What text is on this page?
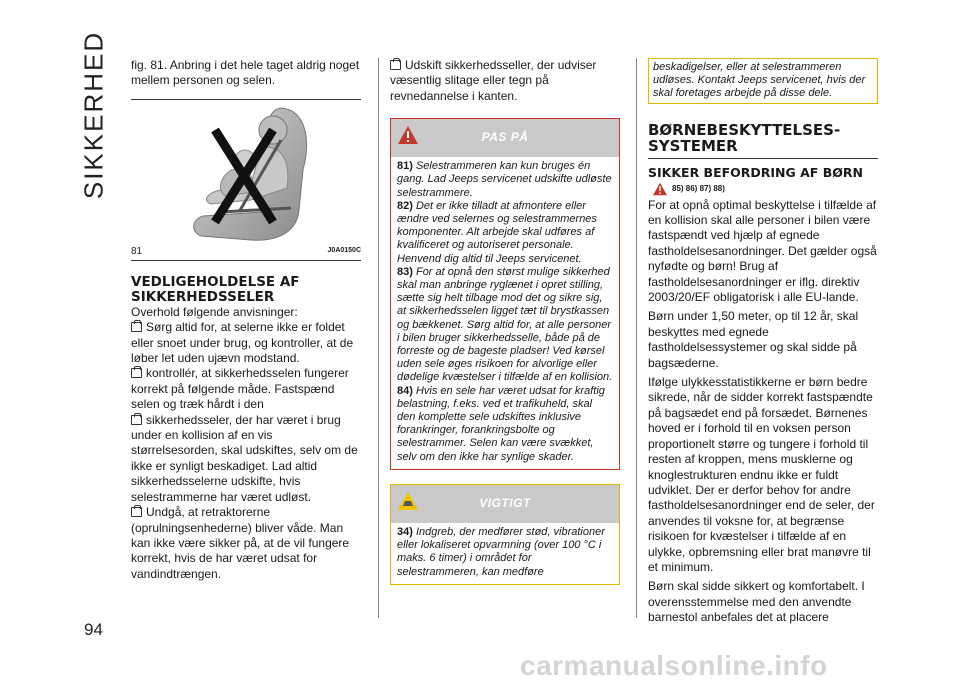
SIKKERHED
94

fig. 81. Anbring i det hele taget aldrig noget mellem personen og selen.

81	J0A0150C

VEDLIGEHOLDELSE AF SIKKERHEDSSELER

Overhold følgende anvisninger:

Sørg altid for, at selerne ikke er foldet eller snoet under brug, og kontroller, at de løber let uden ujævn modstand.

kontrollér, at sikkerhedsselen fungerer korrekt på følgende måde. Fastspænd selen og træk hårdt i den

sikkerhedsseler, der har været i brug under en kollision af en vis størrelsesorden, skal udskiftes, selv om de ikke er synligt beskadiget. Lad altid sikkerhedsselerne udskifte, hvis selestrammerne har været udløst.

Undgå, at retraktorerne (oprulningsenhederne) bliver våde. Man kan ikke være sikker på, at de vil fungere korrekt, hvis de har været udsat for vandindtrængen.

Udskift sikkerhedsseller, der udviser væsentlig slitage eller tegn på revnedannelse i kanten.

PAS PÅ

81) Selestrammeren kan kun bruges én gang. Lad Jeeps servicenet udskifte udløste selestrammere.

82) Det er ikke tilladt at afmontere eller ændre ved selernes og selestrammernes komponenter. Alt arbejde skal udføres af kvalificeret og autoriseret personale. Henvend dig altid til Jeeps servicenet.

83) For at opnå den størst mulige sikkerhed skal man anbringe ryglænet i opret stilling, sætte sig helt tilbage mod det og sikre sig, at sikkerhedsselen ligget tæt til brystkassen og bækkenet. Sørg altid for, at alle personer i bilen bruger sikkerhedsselle, både på de forreste og de bageste pladser! Ved kørsel uden sele øges risikoen for alvorlige eller dødelige kvæstelser i tilfælde af en kollision.

84) Hvis en sele har været udsat for kraftig belastning, f.eks. ved et trafikuheld, skal den komplette sele udskiftes inklusive forankringer, forankringsbolte og selestrammer. Selen kan være svækket, selv om den ikke har synlige skader.

VIGTIGT

34) Indgreb, der medfører stød, vibrationer eller lokaliseret opvarmning (over 100 °C i maks. 6 timer) i området for selestrammeren, kan medføre

beskadigelser, eller at selestrammeren udløses. Kontakt Jeeps servicenet, hvis der skal foretages arbejde på disse dele.

BØRNEBESKYTTELSES-SYSTEMER

SIKKER BEFORDRING AF BØRN

85) 86) 87) 88)

For at opnå optimal beskyttelse i tilfælde af en kollision skal alle personer i bilen være fastspændt ved hjælp af egnede fastholdelsesanordninger. Det gælder også nyfødte og børn! Brug af fastholdelsesanordninger er iflg. direktiv 2003/20/EF obligatorisk i alle EU-lande.

Børn under 1,50 meter, op til 12 år, skal beskyttes med egnede fastholdelsessystemer og skal sidde på bagsæderne.

Ifølge ulykkesstatistikkerne er børn bedre sikrede, når de sidder korrekt fastspændte på bagsædet end på forsædet. Børnenes hoved er i forhold til en voksen person proportionelt større og tungere i forhold til resten af kroppen, mens musklerne og knoglestrukturen endnu ikke er fuldt udviklet. Der er derfor behov for andre fastholdelsesanordninger end de seler, der anvendes til voksne for, at begrænse risikoen for kvæstelser i tilfælde af en ulykke, opbremsning eller brat manøvre til et minimum.

Børn skal sidde sikkert og komfortabelt. I overensstemmelse med den anvendte barnestol anbefales det at placere

carmanualsonline.info
